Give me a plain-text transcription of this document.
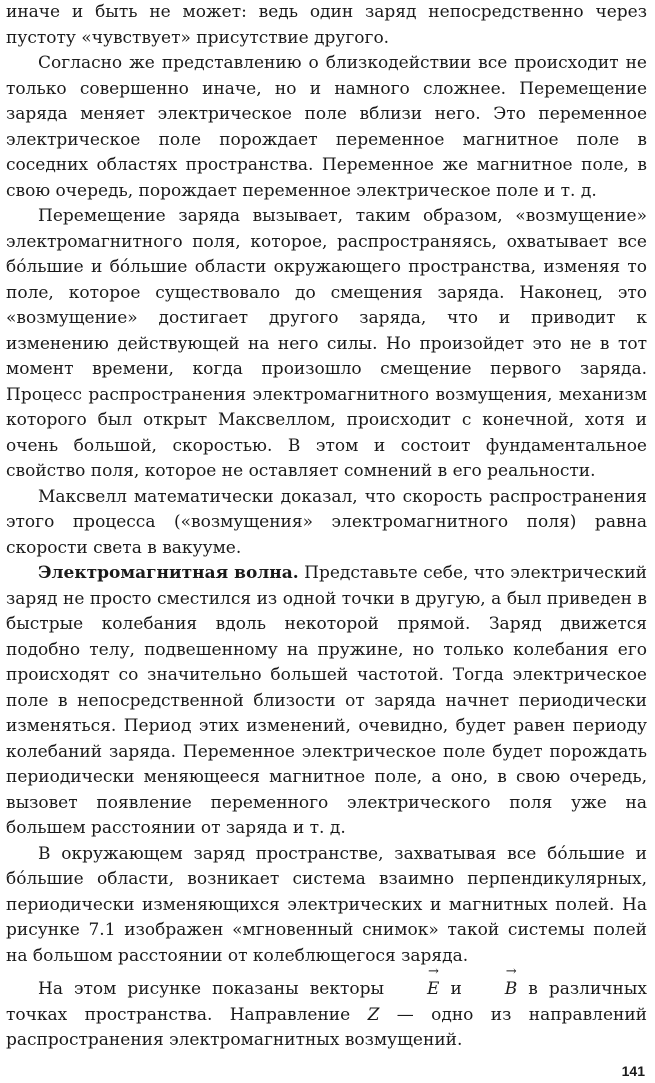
иначе и быть не может: ведь один заряд непосредственно через пустоту «чувствует» присутствие другого.

Согласно же представлению о близкодействии все происходит не только совершенно иначе, но и намного сложнее. Перемещение заряда меняет электрическое поле вблизи него. Это переменное электрическое поле порождает переменное магнитное поле в соседних областях пространства. Переменное же магнитное поле, в свою очередь, порождает переменное электрическое поле и т. д.

Перемещение заряда вызывает, таким образом, «возмущение» электромагнитного поля, которое, распространяясь, охватывает все бóльшие и бóльшие области окружающего пространства, изменяя то поле, которое существовало до смещения заряда. Наконец, это «возмущение» достигает другого заряда, что и приводит к изменению действующей на него силы. Но произойдет это не в тот момент времени, когда произошло смещение первого заряда. Процесс распространения электромагнитного возмущения, механизм которого был открыт Максвеллом, происходит с конечной, хотя и очень большой, скоростью. В этом и состоит фундаментальное свойство поля, которое не оставляет сомнений в его реальности.

Максвелл математически доказал, что скорость распространения этого процесса («возмущения» электромагнитного поля) равна скорости света в вакууме.

Электромагнитная волна. Представьте себе, что электрический заряд не просто сместился из одной точки в другую, а был приведен в быстрые колебания вдоль некоторой прямой. Заряд движется подобно телу, подвешенному на пружине, но только колебания его происходят со значительно большей частотой. Тогда электрическое поле в непосредственной близости от заряда начнет периодически изменяться. Период этих изменений, очевидно, будет равен периоду колебаний заряда. Переменное электрическое поле будет порождать периодически меняющееся магнитное поле, а оно, в свою очередь, вызовет появление переменного электрического поля уже на большем расстоянии от заряда и т. д.

В окружающем заряд пространстве, захватывая все бóльшие и бóльшие области, возникает система взаимно перпендикулярных, периодически изменяющихся электрических и магнитных полей. На рисунке 7.1 изображен «мгновенный снимок» такой системы полей на большом расстоянии от колеблющегося заряда.

На этом рисунке показаны векторы → E и → B в различных точках пространства. Направление Z — одно из направлений распространения электромагнитных возмущений.

141
